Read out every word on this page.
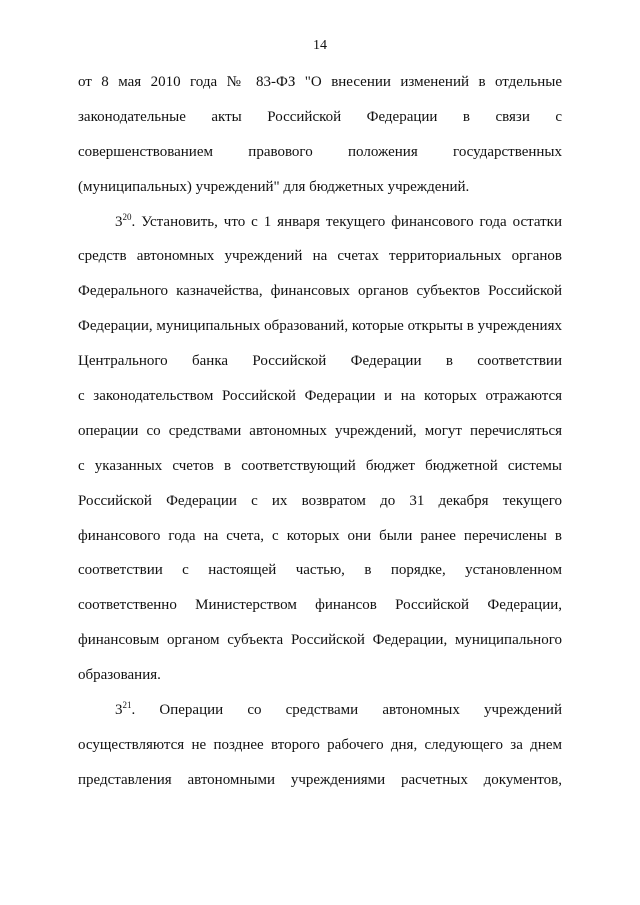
14
от 8 мая 2010 года № 83-ФЗ "О внесении изменений в отдельные
законодательные акты Российской Федерации в связи с
совершенствованием правового положения государственных
(муниципальных) учреждений" для бюджетных учреждений.
$3^{20}$. Установить, что с 1 января текущего финансового года остатки
средств автономных учреждений на счетах территориальных органов
Федерального казначейства, финансовых органов субъектов Российской
Федерации, муниципальных образований, которые открыты в учреждениях
Центрального банка Российской Федерации в соответствии
с законодательством Российской Федерации и на которых отражаются
операции со средствами автономных учреждений, могут перечисляться
с указанных счетов в соответствующий бюджет бюджетной системы
Российской Федерации с их возвратом до 31 декабря текущего
финансового года на счета, с которых они были ранее перечислены в
соответствии с настоящей частью, в порядке, установленном
соответственно Министерством финансов Российской Федерации,
финансовым органом субъекта Российской Федерации, муниципального
образования.
$3^{21}$. Операции со средствами автономных учреждений
осуществляются не позднее второго рабочего дня, следующего за днем
представления автономными учреждениями расчетных документов,
